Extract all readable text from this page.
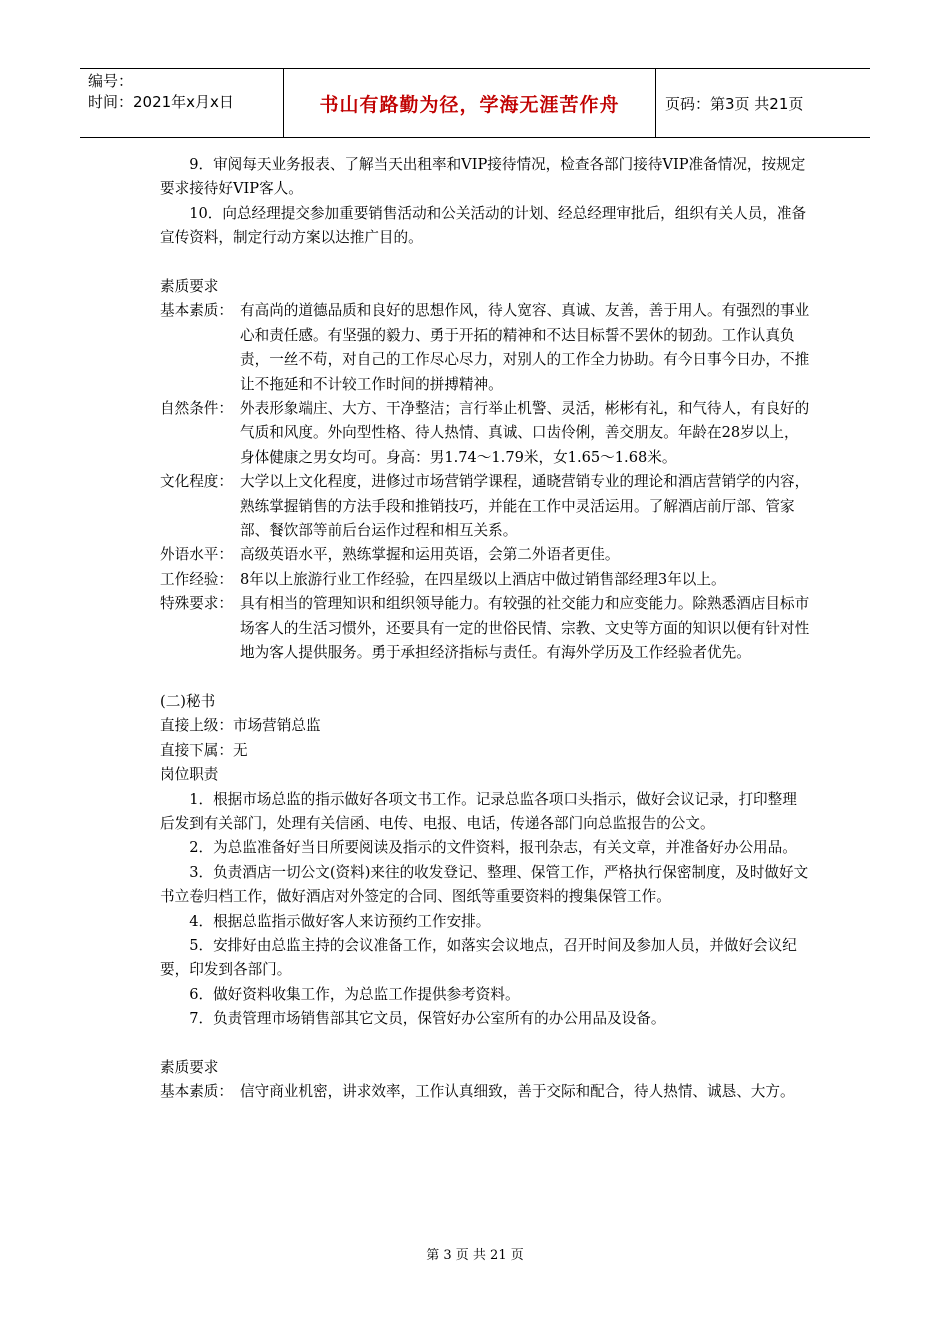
编号：
时间：2021年x月x日	书山有路勤为径，学海无涯苦作舟	页码：第3页 共21页

9．审阅每天业务报表、了解当天出租率和VIP接待情况，检查各部门接待VIP准备情况，按规定要求接待好VIP客人。

10．向总经理提交参加重要销售活动和公关活动的计划、经总经理审批后，组织有关人员，准备宣传资料，制定行动方案以达推广目的。

素质要求

基本素质： 有高尚的道德品质和良好的思想作风，待人宽容、真诚、友善，善于用人。有强烈的事业心和责任感。有坚强的毅力、勇于开拓的精神和不达目标誓不罢休的韧劲。工作认真负责，一丝不苟，对自己的工作尽心尽力，对别人的工作全力协助。有今日事今日办，不推让不拖延和不计较工作时间的拼搏精神。
自然条件： 外表形象端庄、大方、干净整洁；言行举止机警、灵活，彬彬有礼，和气待人，有良好的气质和风度。外向型性格、待人热情、真诚、口齿伶俐，善交朋友。年龄在28岁以上，身体健康之男女均可。身高：男1.74～1.79米，女1.65～1.68米。
文化程度： 大学以上文化程度，进修过市场营销学课程，通晓营销专业的理论和酒店营销学的内容，熟练掌握销售的方法手段和推销技巧，并能在工作中灵活运用。了解酒店前厅部、管家部、餐饮部等前后台运作过程和相互关系。
外语水平： 高级英语水平，熟练掌握和运用英语，会第二外语者更佳。
工作经验： 8年以上旅游行业工作经验，在四星级以上酒店中做过销售部经理3年以上。
特殊要求： 具有相当的管理知识和组织领导能力。有较强的社交能力和应变能力。除熟悉酒店目标市场客人的生活习惯外，还要具有一定的世俗民情、宗教、文史等方面的知识以便有针对性地为客人提供服务。勇于承担经济指标与责任。有海外学历及工作经验者优先。

(二)秘书

直接上级：市场营销总监

直接下属：无

岗位职责

1．根据市场总监的指示做好各项文书工作。记录总监各项口头指示，做好会议记录，打印整理后发到有关部门，处理有关信函、电传、电报、电话，传递各部门向总监报告的公文。

2．为总监准备好当日所要阅读及指示的文件资料，报刊杂志，有关文章，并准备好办公用品。

3．负责酒店一切公文(资料)来往的收发登记、整理、保管工作，严格执行保密制度，及时做好文书立卷归档工作，做好酒店对外签定的合同、图纸等重要资料的搜集保管工作。

4．根据总监指示做好客人来访预约工作安排。

5．安排好由总监主持的会议准备工作，如落实会议地点，召开时间及参加人员，并做好会议纪要，印发到各部门。

6．做好资料收集工作，为总监工作提供参考资料。

7．负责管理市场销售部其它文员，保管好办公室所有的办公用品及设备。

素质要求

基本素质： 信守商业机密，讲求效率，工作认真细致，善于交际和配合，待人热情、诚恳、大方。
第 3 页 共 21 页
